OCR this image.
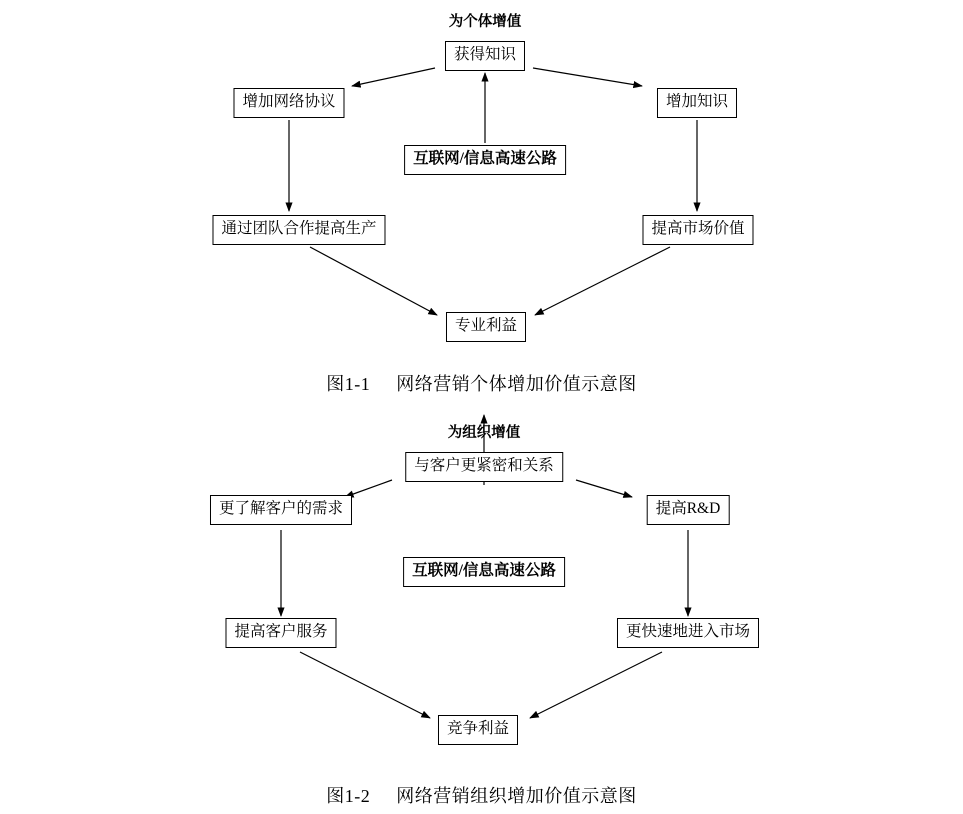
为个体增值
获得知识
增加网络协议	增加知识
互联网/信息高速公路
通过团队合作提高生产	提高市场价值
专业利益
图1-1 网络营销个体增加价值示意图
为组织增值
与客户更紧密和关系
更了解客户的需求	提高R&D
互联网/信息高速公路
提高客户服务	更快速地进入市场
竞争利益
图1-2 网络营销组织增加价值示意图
